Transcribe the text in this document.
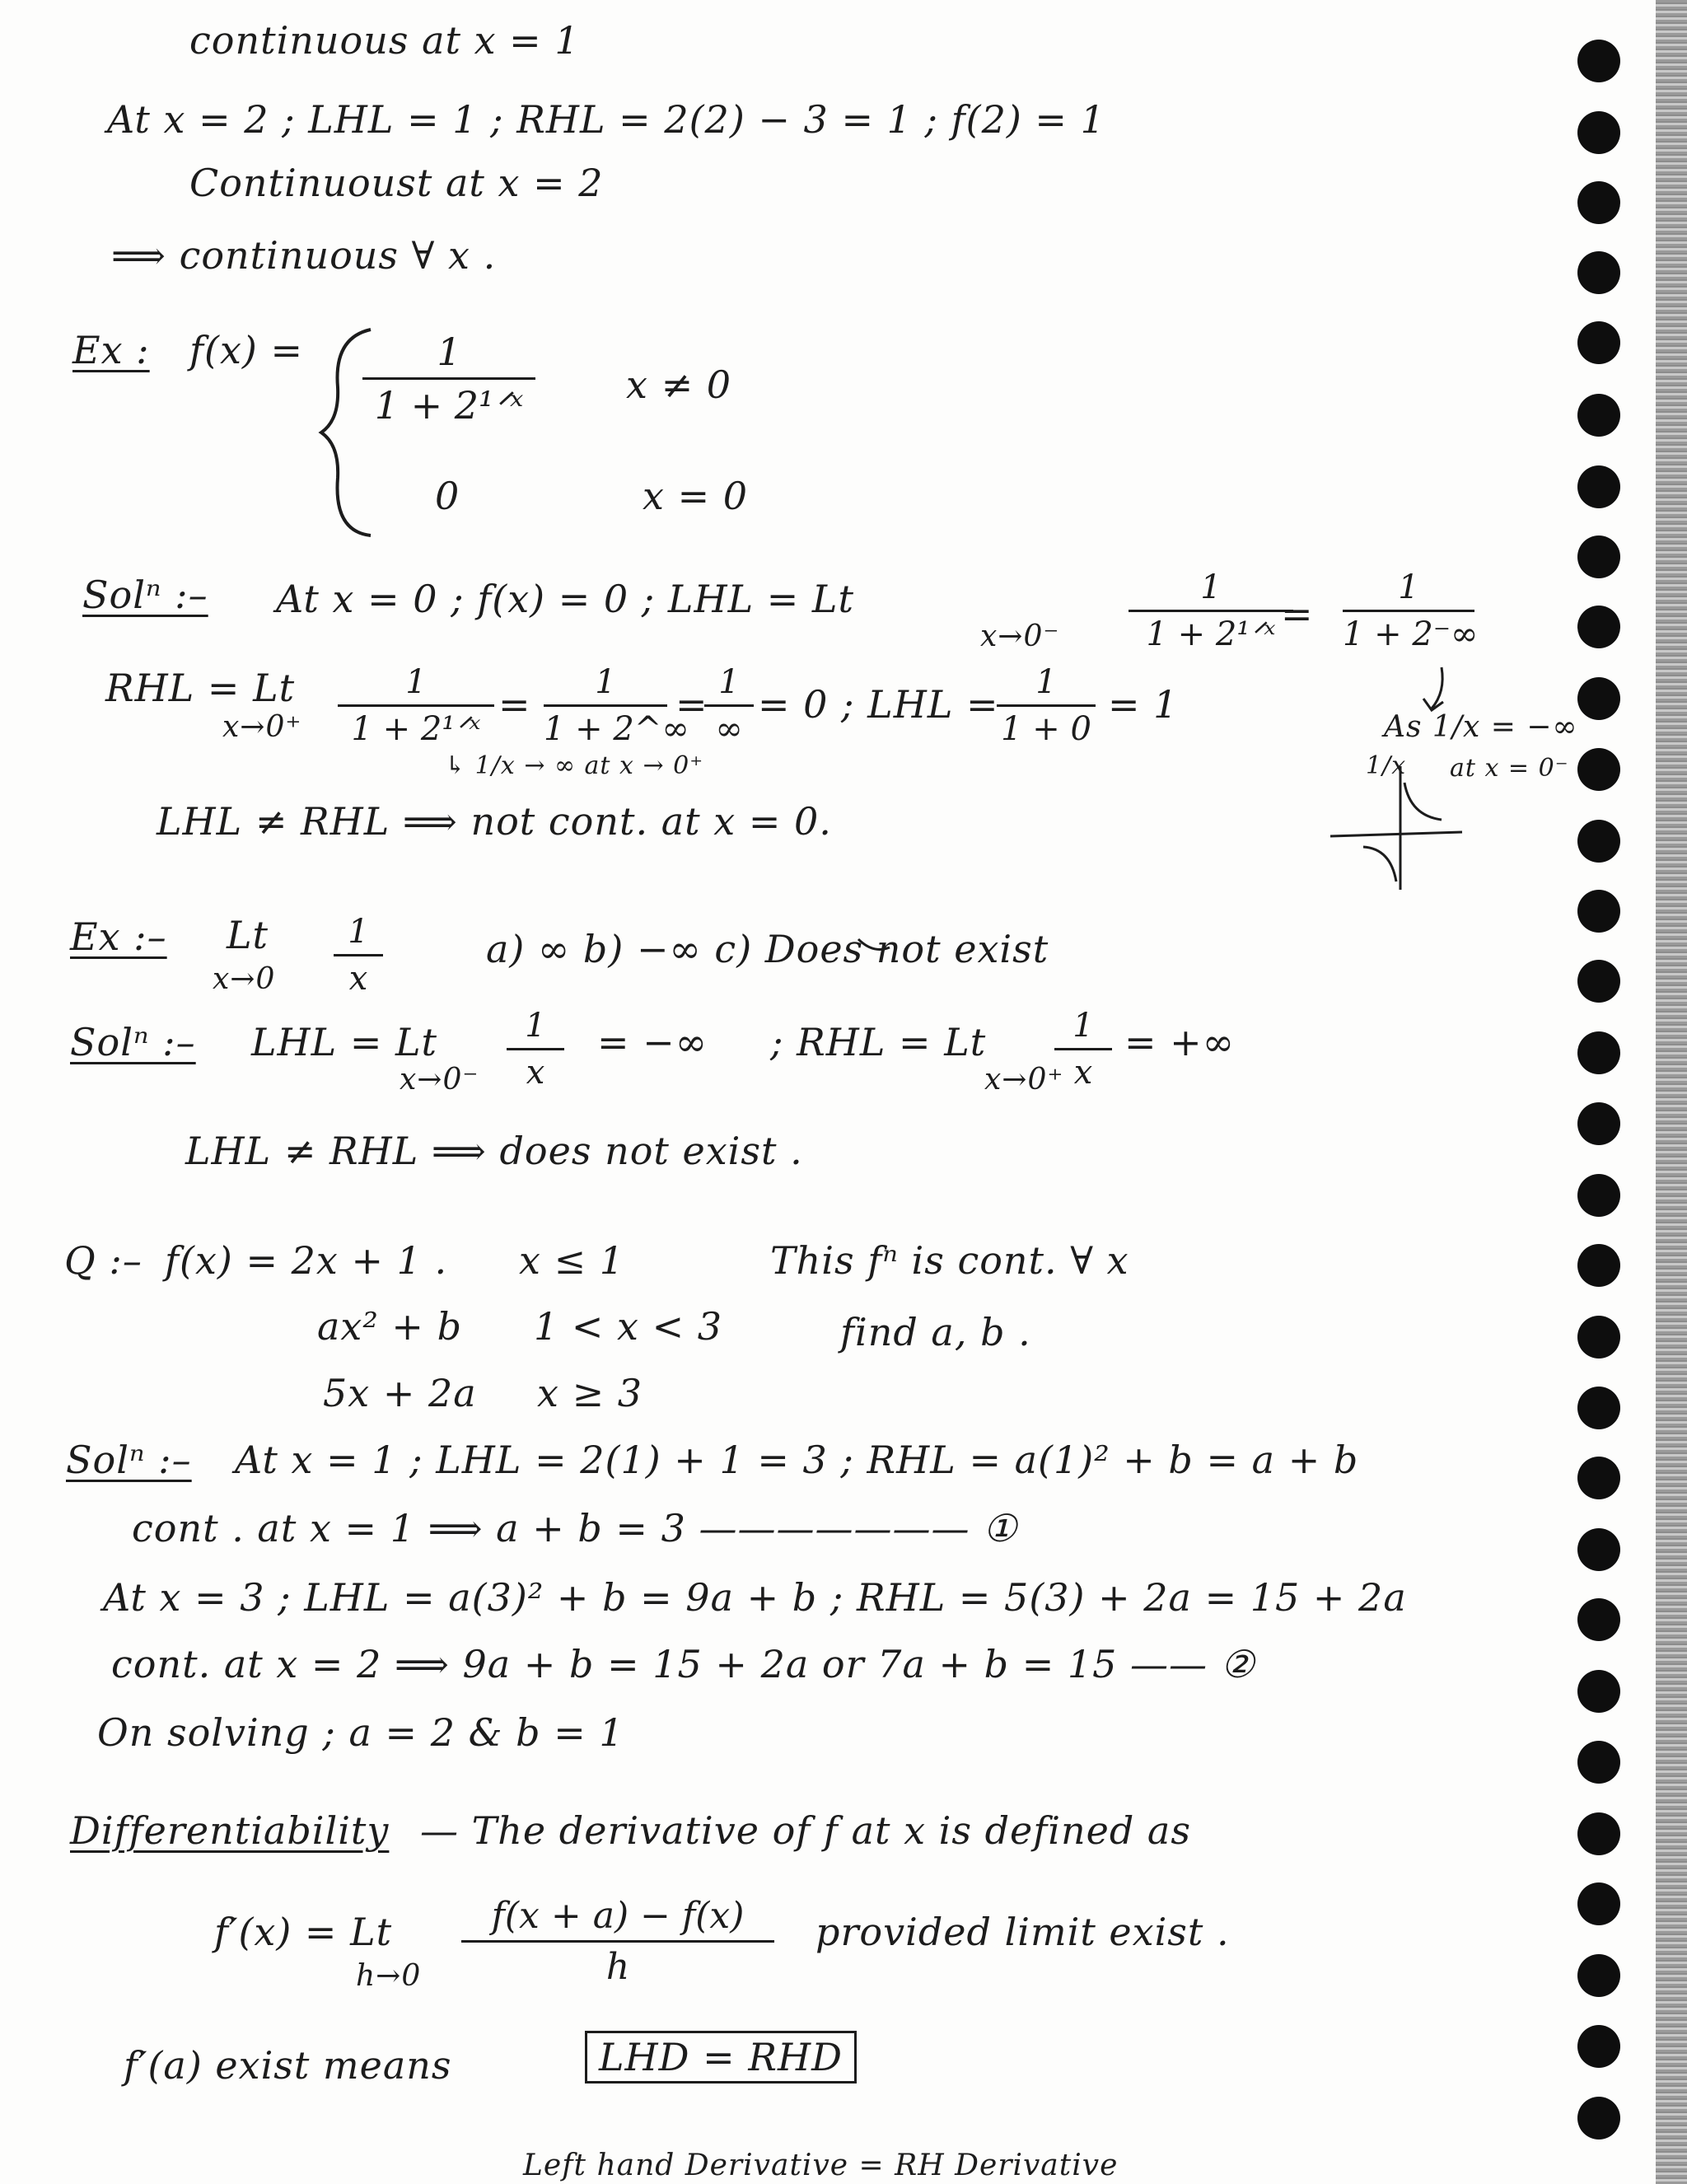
continuous at x = 1
At x = 2 ; LHL = 1 ; RHL = 2(2) − 3 = 1 ; f(2) = 1
Continuoust at x = 2
⟹ continuous ∀ x .
Ex : f(x) =	1
1 + 2¹ᐟˣ	x ≠ 0
0	x = 0
Solⁿ :– At x = 0 ; f(x) = 0 ; LHL = Lt
x→0⁻
1
1 + 2¹ᐟˣ =
1
1 + 2⁻∞
RHL = Lt
x→0⁺
1
1 + 2¹ᐟˣ
=	1
1 + 2^∞
= 1
∞
= 0 ; LHL =	1
1 + 0
= 1
↳ 1/x → ∞ at x → 0⁺
As 1/x = −∞
1/x at x = 0⁻
LHL ≠ RHL ⟹ not cont. at x = 0.
Ex :– Lt
x→0
1
x
a) ∞ b) −∞ c) Does not exist
Solⁿ :– LHL = Lt
x→0⁻
1
x
= −∞ ; RHL = Lt
x→0⁺
1
x
= +∞
LHL ≠ RHL ⟹ does not exist .
Q :– f(x) = 2x + 1 . x ≤ 1
ax² + b 1 < x < 3
5x + 2a x ≥ 3
This fⁿ is cont. ∀ x
find a, b .
Solⁿ :– At x = 1 ; LHL = 2(1) + 1 = 3 ; RHL = a(1)² + b = a + b
cont . at x = 1 ⟹ a + b = 3 ——————— ①
At x = 3 ; LHL = a(3)² + b = 9a + b ; RHL = 5(3) + 2a = 15 + 2a
cont. at x = 2 ⟹ 9a + b = 15 + 2a or 7a + b = 15 —— ②
On solving ; a = 2 & b = 1
Differentiability — The derivative of f at x is defined as
f′(x) = Lt
h→0
f(x + a) − f(x)
h
provided limit exist .
f′(a) exist means	LHD = RHD
Left hand Derivative = RH Derivative
